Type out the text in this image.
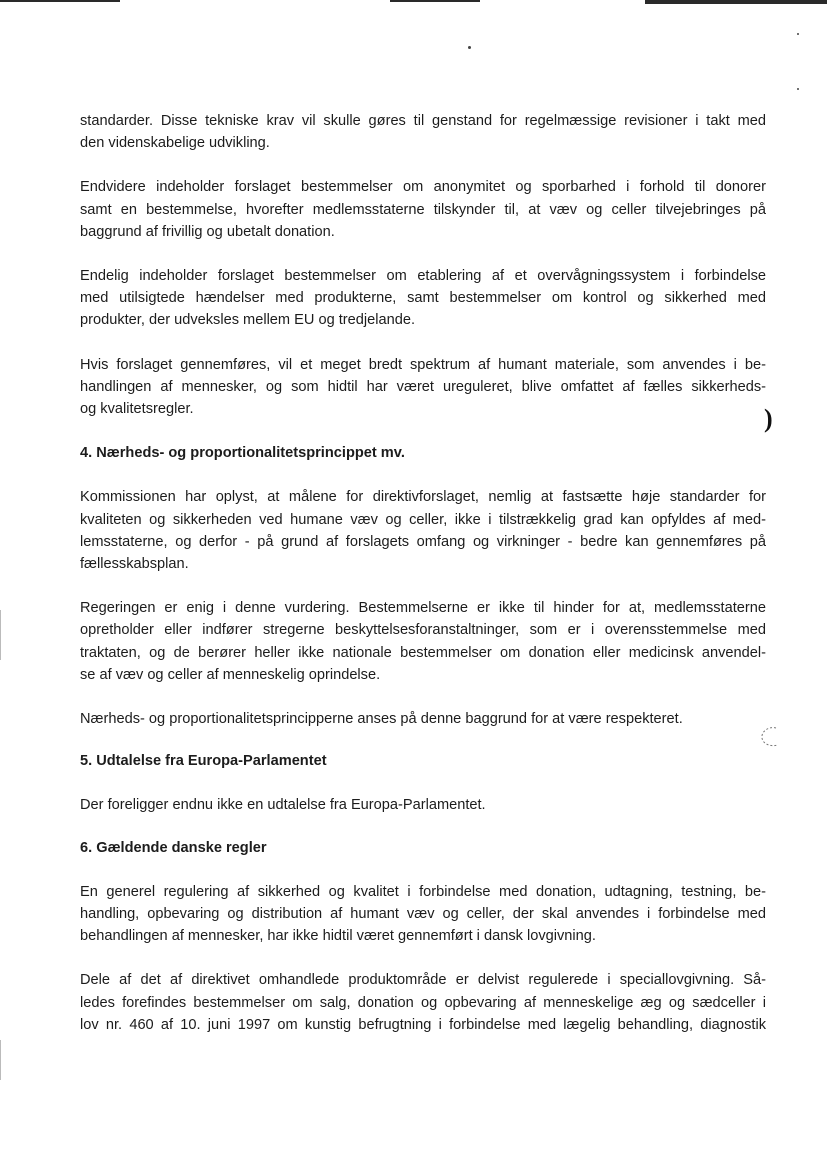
)
standarder. Disse tekniske krav vil skulle gøres til genstand for regelmæssige revisioner i takt med
den videnskabelige udvikling.
Endvidere indeholder forslaget bestemmelser om anonymitet og sporbarhed i forhold til donorer
samt en bestemmelse, hvorefter medlemsstaterne tilskynder til, at væv og celler tilvejebringes på
baggrund af frivillig og ubetalt donation.
Endelig indeholder forslaget bestemmelser om etablering af et overvågningssystem i forbindelse
med utilsigtede hændelser med produkterne, samt bestemmelser om kontrol og sikkerhed med
produkter, der udveksles mellem EU og tredjelande.
Hvis forslaget gennemføres, vil et meget bredt spektrum af humant materiale, som anvendes i be-
handlingen af mennesker, og som hidtil har været ureguleret, blive omfattet af fælles sikkerheds-
og kvalitetsregler.
4. Nærheds- og proportionalitetsprincippet mv.
Kommissionen har oplyst, at målene for direktivforslaget, nemlig at fastsætte høje standarder for
kvaliteten og sikkerheden ved humane væv og celler, ikke i tilstrækkelig grad kan opfyldes af med-
lemsstaterne, og derfor - på grund af forslagets omfang og virkninger - bedre kan gennemføres på
fællesskabsplan.
Regeringen er enig i denne vurdering. Bestemmelserne er ikke til hinder for at, medlemsstaterne
opretholder eller indfører stregerne beskyttelsesforanstaltninger, som er i overensstemmelse med
traktaten, og de berører heller ikke nationale bestemmelser om donation eller medicinsk anvendel-
se af væv og celler af menneskelig oprindelse.
Nærheds- og proportionalitetsprincipperne anses på denne baggrund for at være respekteret.
5. Udtalelse fra Europa-Parlamentet
Der foreligger endnu ikke en udtalelse fra Europa-Parlamentet.
6. Gældende danske regler
En generel regulering af sikkerhed og kvalitet i forbindelse med donation, udtagning, testning, be-
handling, opbevaring og distribution af humant væv og celler, der skal anvendes i forbindelse med
behandlingen af mennesker, har ikke hidtil været gennemført i dansk lovgivning.
Dele af det af direktivet omhandlede produktområde er delvist regulerede i speciallovgivning. Så-
ledes forefindes bestemmelser om salg, donation og opbevaring af menneskelige æg og sædceller i
lov nr. 460 af 10. juni 1997 om kunstig befrugtning i forbindelse med lægelig behandling, diagnostik
